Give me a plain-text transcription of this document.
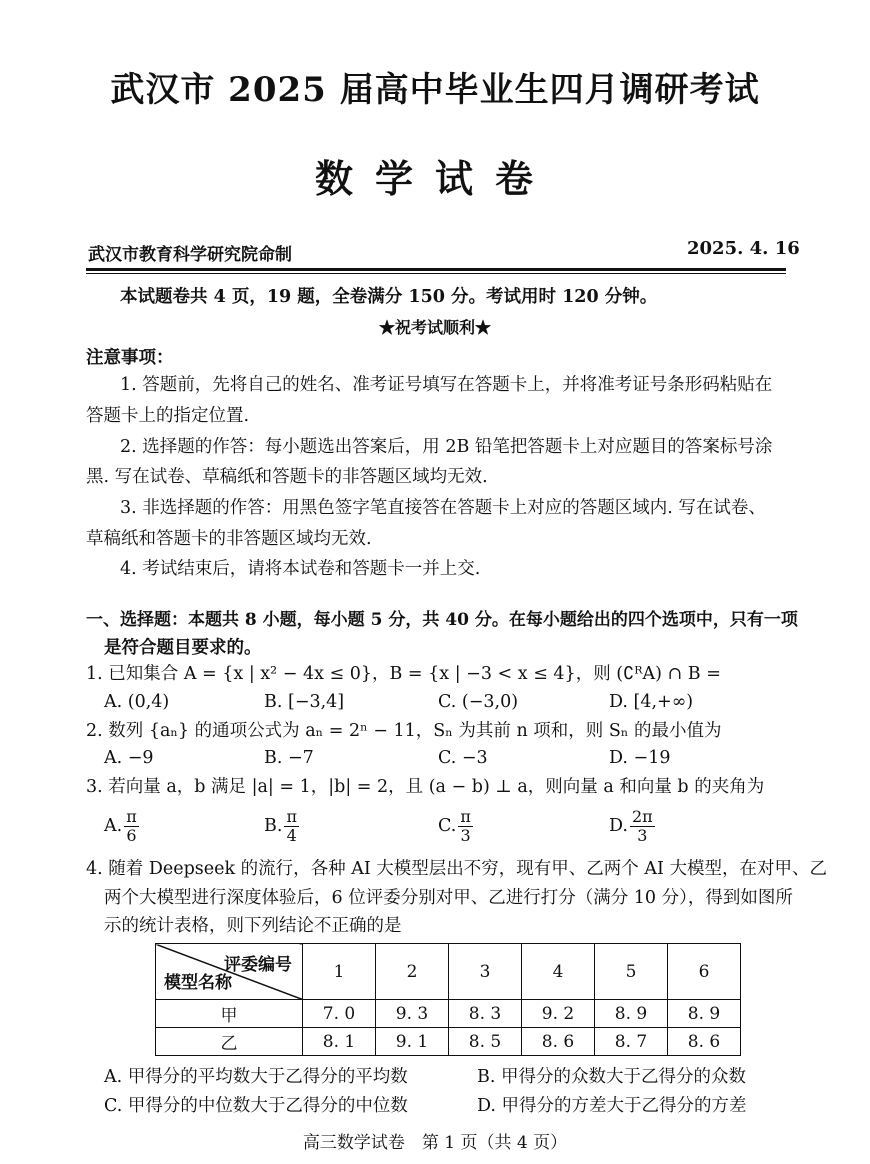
武汉市 2025 届高中毕业生四月调研考试
数学试卷
武汉市教育科学研究院命制	2025. 4. 16
本试题卷共 4 页，19 题，全卷满分 150 分。考试用时 120 分钟。
★祝考试顺利★
注意事项：
1. 答题前，先将自己的姓名、准考证号填写在答题卡上，并将准考证号条形码粘贴在
答题卡上的指定位置.
2. 选择题的作答：每小题选出答案后，用 2B 铅笔把答题卡上对应题目的答案标号涂
黑. 写在试卷、草稿纸和答题卡的非答题区域均无效.
3. 非选择题的作答：用黑色签字笔直接答在答题卡上对应的答题区域内. 写在试卷、
草稿纸和答题卡的非答题区域均无效.
4. 考试结束后，请将本试卷和答题卡一并上交.
一、选择题：本题共 8 小题，每小题 5 分，共 40 分。在每小题给出的四个选项中，只有一项
是符合题目要求的。
1. 已知集合 A = {x | x² − 4x ≤ 0}，B = {x | −3 < x ≤ 4}，则 (∁ᴿA) ∩ B =
A. (0,4)	B. [−3,4]	C. (−3,0)	D. [4,+∞)
2. 数列 {aₙ} 的通项公式为 aₙ = 2ⁿ − 11，Sₙ 为其前 n 项和，则 Sₙ 的最小值为
A. −9	B. −7	C. −3	D. −19
3. 若向量 a，b 满足 |a| = 1，|b| = 2，且 (a − b) ⊥ a，则向量 a 和向量 b 的夹角为
A. $\frac{\pi}{6}$	B. $\frac{\pi}{4}$	C. $\frac{\pi}{3}$	D. $\frac{2\pi}{3}$
4. 随着 Deepseek 的流行，各种 AI 大模型层出不穷，现有甲、乙两个 AI 大模型，在对甲、乙
两个大模型进行深度体验后，6 位评委分别对甲、乙进行打分（满分 10 分），得到如图所
示的统计表格，则下列结论不正确的是
评委编号
模型名称	1	2	3	4	5	6
甲	7. 0	9. 3	8. 3	9. 2	8. 9	8. 9
乙	8. 1	9. 1	8. 5	8. 6	8. 7	8. 6
A. 甲得分的平均数大于乙得分的平均数	B. 甲得分的众数大于乙得分的众数
C. 甲得分的中位数大于乙得分的中位数	D. 甲得分的方差大于乙得分的方差
高三数学试卷　第 1 页（共 4 页）
